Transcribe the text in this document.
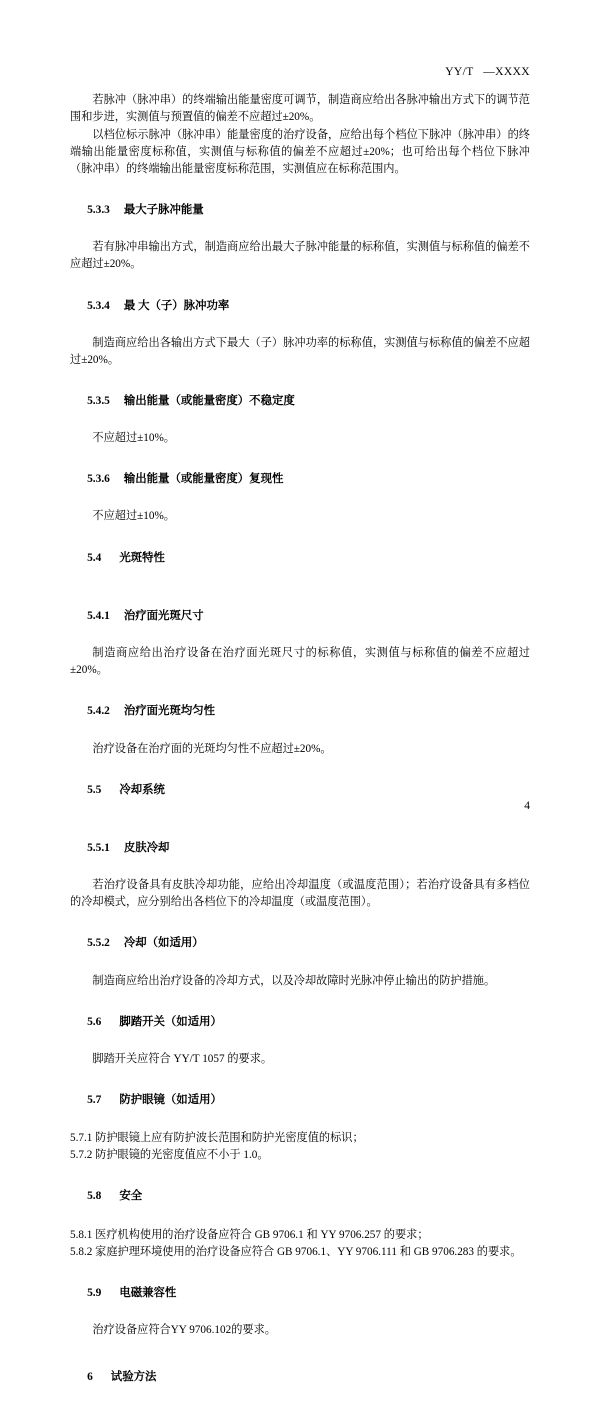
YY/T   —XXXX

若脉冲（脉冲串）的终端输出能量密度可调节，制造商应给出各脉冲输出方式下的调节范围和步进，实测值与预置值的偏差不应超过±20%。

以档位标示脉冲（脉冲串）能量密度的治疗设备，应给出每个档位下脉冲（脉冲串）的终端输出能量密度标称值，实测值与标称值的偏差不应超过±20%；也可给出每个档位下脉冲（脉冲串）的终端输出能量密度标称范围，实测值应在标称范围内。

5.3.3 最大子脉冲能量

若有脉冲串输出方式，制造商应给出最大子脉冲能量的标称值，实测值与标称值的偏差不应超过±20%。

5.3.4 最 大（子）脉冲功率

制造商应给出各输出方式下最大（子）脉冲功率的标称值，实测值与标称值的偏差不应超过±20%。

5.3.5 输出能量（或能量密度）不稳定度

不应超过±10%。

5.3.6 输出能量（或能量密度）复现性

不应超过±10%。

5.4 光斑特性

5.4.1 治疗面光斑尺寸

制造商应给出治疗设备在治疗面光斑尺寸的标称值，实测值与标称值的偏差不应超过±20%。

5.4.2 治疗面光斑均匀性

治疗设备在治疗面的光斑均匀性不应超过±20%。

5.5 冷却系统

5.5.1 皮肤冷却

若治疗设备具有皮肤冷却功能，应给出冷却温度（或温度范围）；若治疗设备具有多档位的冷却模式，应分别给出各档位下的冷却温度（或温度范围）。

5.5.2 冷却（如适用）

制造商应给出治疗设备的冷却方式，以及冷却故障时光脉冲停止输出的防护措施。

5.6 脚踏开关（如适用）

脚踏开关应符合 YY/T 1057 的要求。

5.7 防护眼镜（如适用）

5.7.1 防护眼镜上应有防护波长范围和防护光密度值的标识；

5.7.2 防护眼镜的光密度值应不小于 1.0。

5.8 安全

5.8.1 医疗机构使用的治疗设备应符合 GB 9706.1 和 YY 9706.257 的要求；

5.8.2 家庭护理环境使用的治疗设备应符合 GB 9706.1、YY 9706.111 和 GB 9706.283 的要求。

5.9 电磁兼容性

治疗设备应符合YY 9706.102的要求。

6 试验方法

4
